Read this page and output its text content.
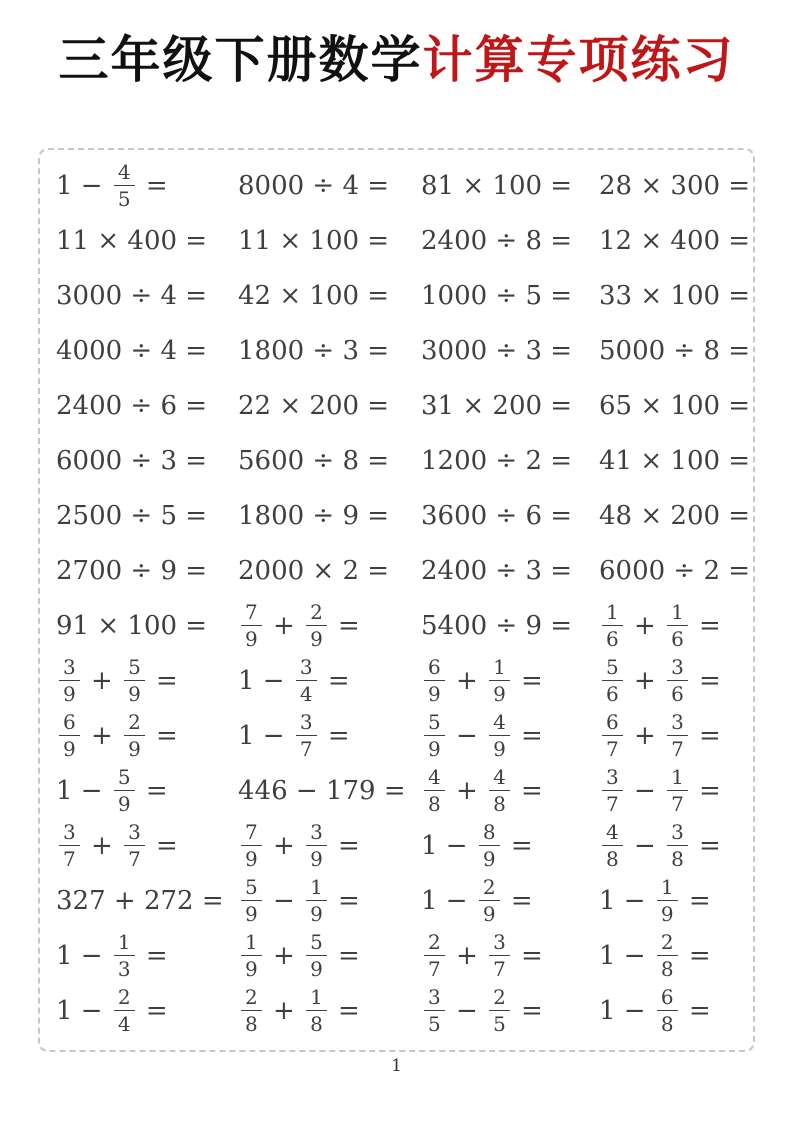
三年级下册数学计算专项练习
$1 - \frac{4}{5}$ =	8000 ÷ 4 = 81 × 100 = 28 × 300 =
11 × 400 = 11 × 100 = 2400 ÷ 8 = 12 × 400 =
3000 ÷ 4 = 42 × 100 = 1000 ÷ 5 = 33 × 100 =
4000 ÷ 4 = 1800 ÷ 3 = 3000 ÷ 3 = 5000 ÷ 8 =
2400 ÷ 6 = 22 × 200 = 31 × 200 = 65 × 100 =
6000 ÷ 3 = 5600 ÷ 8 = 1200 ÷ 2 = 41 × 100 =
2500 ÷ 5 = 1800 ÷ 9 = 3600 ÷ 6 = 48 × 200 =
2700 ÷ 9 = 2000 × 2 = 2400 ÷ 3 = 6000 ÷ 2 =
$91 \times 100 = \frac{7}{9} + \frac{2}{9} = 5400 \div 9 = \frac{1}{6} + \frac{1}{6}$ =
$\frac{3}{9} + \frac{5}{9} = 1 - \frac{3}{4}$ =	$\frac{6}{9} + \frac{1}{9}$ =	$\frac{5}{6} + \frac{3}{6}$ =
$\frac{6}{9} + \frac{2}{9} = 1 - \frac{3}{7}$ =	$\frac{5}{9} - \frac{4}{9}$ =	$\frac{6}{7} + \frac{3}{7}$ =
$1 - \frac{5}{9}$ =	$446 - 179 = \frac{4}{8} + \frac{4}{8}$ =	$\frac{3}{7} - \frac{1}{7}$ =
$\frac{3}{7} + \frac{3}{7}$ =	$\frac{7}{9} + \frac{3}{9} = 1 - \frac{8}{9}$ =	$\frac{4}{8} - \frac{3}{8}$ =
$327 + 272 = \frac{5}{9} - \frac{1}{9} = 1 - \frac{2}{9}$ =	$1 - \frac{1}{9}$ =
$1 - \frac{1}{3}$ =	$\frac{1}{9} + \frac{5}{9}$ =	$\frac{2}{7} + \frac{3}{7} = 1 - \frac{2}{8}$ =
$1 - \frac{2}{4}$ =	$\frac{2}{8} + \frac{1}{8}$ =	$\frac{3}{5} - \frac{2}{5} = 1 - \frac{6}{8}$ =
1
